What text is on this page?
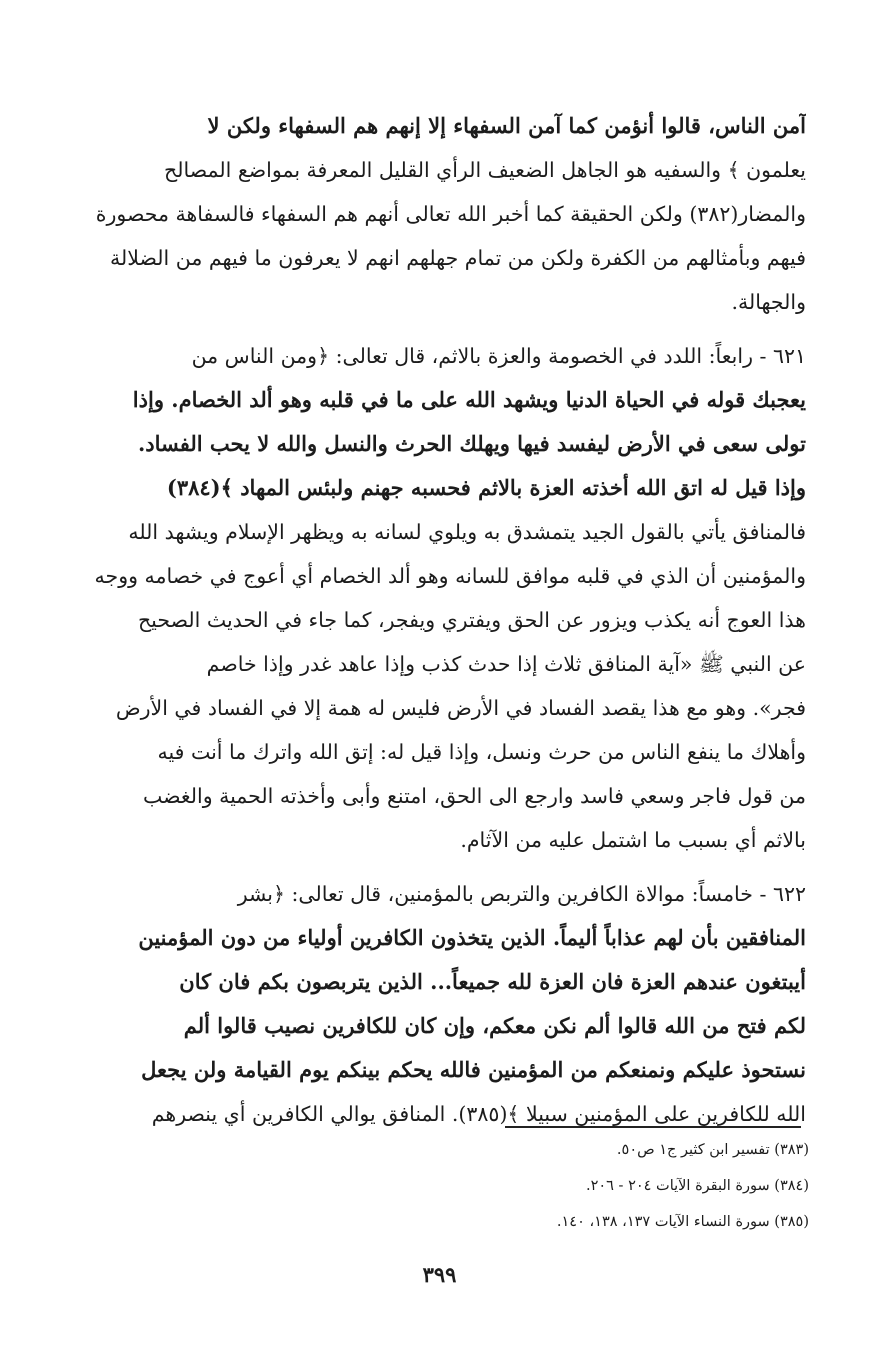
آمن الناس، قالوا أنؤمن كما آمن السفهاء إلا إنهم هم السفهاء ولكن لا
يعلمون ﴾ والسفيه هو الجاهل الضعيف الرأي القليل المعرفة بمواضع المصالح
والمضار(٣٨٢) ولكن الحقيقة كما أخبر الله تعالى أنهم هم السفهاء فالسفاهة محصورة
فيهم وبأمثالهم من الكفرة ولكن من تمام جهلهم انهم لا يعرفون ما فيهم من الضلالة
والجهالة.
٦٢١ - رابعاً: اللدد في الخصومة والعزة بالاثم، قال تعالى: ﴿ومن الناس من
يعجبك قوله في الحياة الدنيا ويشهد الله على ما في قلبه وهو ألد الخصام. وإذا
تولى سعى في الأرض ليفسد فيها ويهلك الحرث والنسل والله لا يحب الفساد.
وإذا قيل له اتق الله أخذته العزة بالاثم فحسبه جهنم ولبئس المهاد ﴾(٣٨٤)
فالمنافق يأتي بالقول الجيد يتمشدق به ويلوي لسانه به ويظهر الإسلام ويشهد الله
والمؤمنين أن الذي في قلبه موافق للسانه وهو ألد الخصام أي أعوج في خصامه ووجه
هذا العوج أنه يكذب ويزور عن الحق ويفتري ويفجر، كما جاء في الحديث الصحيح
عن النبي ﷺ «آية المنافق ثلاث إذا حدث كذب وإذا عاهد غدر وإذا خاصم
فجر». وهو مع هذا يقصد الفساد في الأرض فليس له همة إلا في الفساد في الأرض
وأهلاك ما ينفع الناس من حرث ونسل، وإذا قيل له: إتق الله واترك ما أنت فيه
من قول فاجر وسعي فاسد وارجع الى الحق، امتنع وأبى وأخذته الحمية والغضب
بالاثم أي بسبب ما اشتمل عليه من الآثام.
٦٢٢ - خامساً: موالاة الكافرين والتربص بالمؤمنين، قال تعالى: ﴿بشر
المنافقين بأن لهم عذاباً أليماً. الذين يتخذون الكافرين أولياء من دون المؤمنين
أيبتغون عندهم العزة فان العزة لله جميعاً... الذين يتربصون بكم فان كان
لكم فتح من الله قالوا ألم نكن معكم، وإن كان للكافرين نصيب قالوا ألم
نستحوذ عليكم ونمنعكم من المؤمنين فالله يحكم بينكم يوم القيامة ولن يجعل
الله للكافرين على المؤمنين سبيلا ﴾(٣٨٥). المنافق يوالي الكافرين أي ينصرهم
(٣٨٣) تفسير ابن كثير ج١ ص٥٠.
(٣٨٤) سورة البقرة الآيات ٢٠٤ - ٢٠٦.
(٣٨٥) سورة النساء الآيات ١٣٧، ١٣٨، ١٤٠.
٣٩٩
